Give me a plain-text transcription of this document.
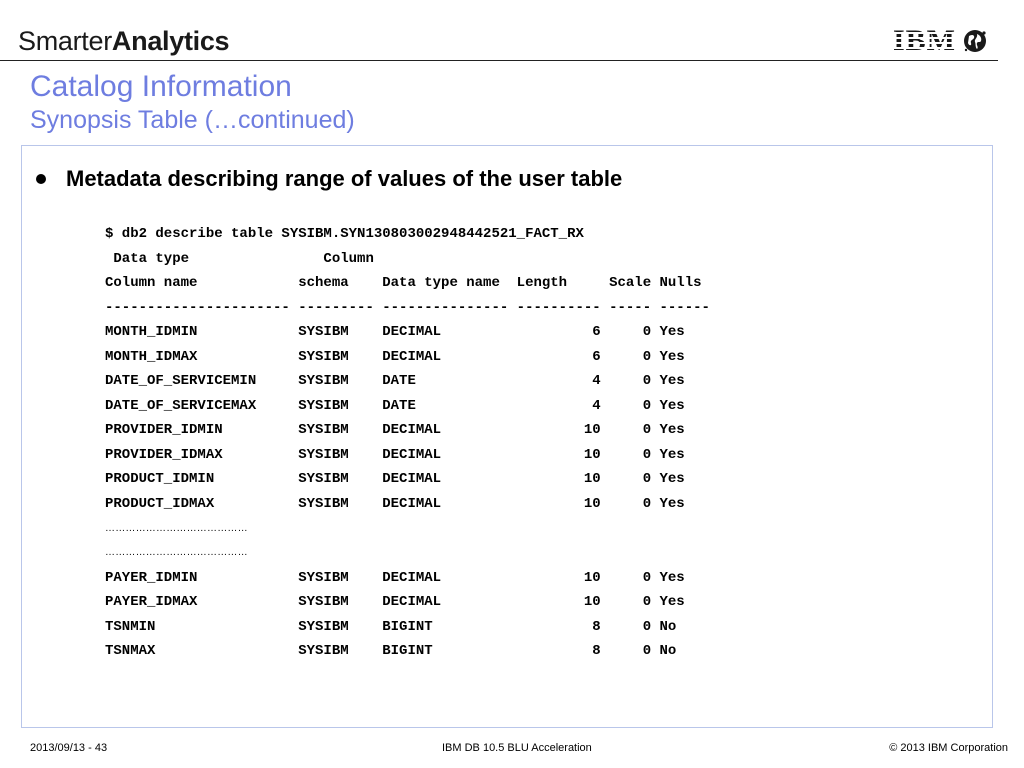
SmarterAnalytics	IBM
Catalog Information
Synopsis Table (…continued)
Metadata describing range of values of the user table
$ db2 describe table SYSIBM.SYN130803002948442521_FACT_RX
Data type                Column
Column name            schema    Data type name  Length     Scale Nulls
---------------------- --------- --------------- ---------- ----- ------
MONTH_IDMIN            SYSIBM    DECIMAL                  6     0 Yes
MONTH_IDMAX            SYSIBM    DECIMAL                  6     0 Yes
DATE_OF_SERVICEMIN     SYSIBM    DATE                     4     0 Yes
DATE_OF_SERVICEMAX     SYSIBM    DATE                     4     0 Yes
PROVIDER_IDMIN         SYSIBM    DECIMAL                 10     0 Yes
PROVIDER_IDMAX         SYSIBM    DECIMAL                 10     0 Yes
PRODUCT_IDMIN          SYSIBM    DECIMAL                 10     0 Yes
PRODUCT_IDMAX          SYSIBM    DECIMAL                 10     0 Yes
……………………………………
……………………………………
PAYER_IDMIN            SYSIBM    DECIMAL                 10     0 Yes
PAYER_IDMAX            SYSIBM    DECIMAL                 10     0 Yes
TSNMIN                 SYSIBM    BIGINT                   8     0 No
TSNMAX                 SYSIBM    BIGINT                   8     0 No
2013/09/13 - 43	IBM DB 10.5 BLU Acceleration	© 2013 IBM Corporation
